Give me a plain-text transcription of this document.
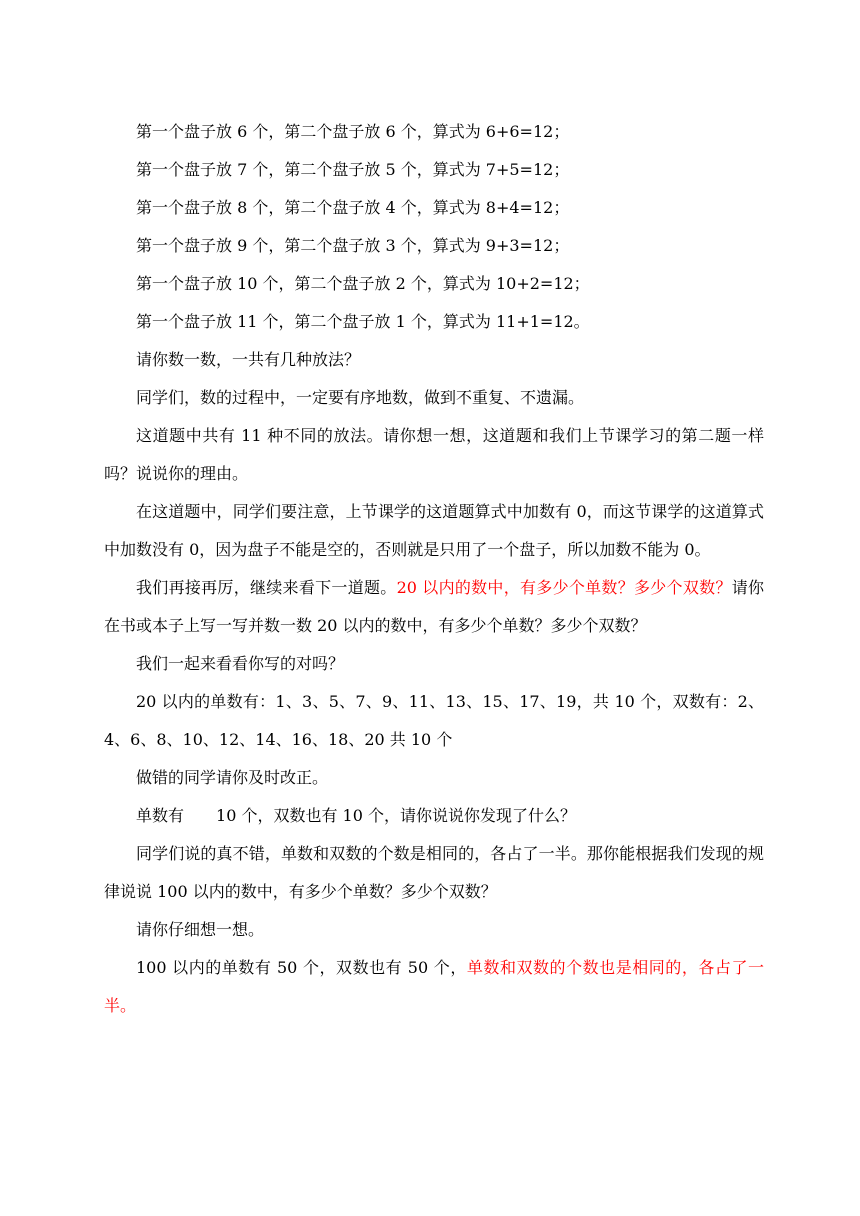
第一个盘子放 6 个，第二个盘子放 6 个，算式为 6+6=12；

第一个盘子放 7 个，第二个盘子放 5 个，算式为 7+5=12；

第一个盘子放 8 个，第二个盘子放 4 个，算式为 8+4=12；

第一个盘子放 9 个，第二个盘子放 3 个，算式为 9+3=12；

第一个盘子放 10 个，第二个盘子放 2 个，算式为 10+2=12；

第一个盘子放 11 个，第二个盘子放 1 个，算式为 11+1=12。

请你数一数，一共有几种放法？

同学们，数的过程中，一定要有序地数，做到不重复、不遗漏。

这道题中共有 11 种不同的放法。请你想一想，这道题和我们上节课学习的第二题一样吗？说说你的理由。

在这道题中，同学们要注意，上节课学的这道题算式中加数有 0，而这节课学的这道算式中加数没有 0，因为盘子不能是空的，否则就是只用了一个盘子，所以加数不能为 0。

我们再接再厉，继续来看下一道题。20 以内的数中，有多少个单数？多少个双数？请你在书或本子上写一写并数一数 20 以内的数中，有多少个单数？多少个双数？

我们一起来看看你写的对吗？

20 以内的单数有：1、3、5、7、9、11、13、15、17、19，共 10 个，双数有：2、4、6、8、10、12、14、16、18、20 共 10 个

做错的同学请你及时改正。

单数有 10 个，双数也有 10 个，请你说说你发现了什么？

同学们说的真不错，单数和双数的个数是相同的，各占了一半。那你能根据我们发现的规律说说 100 以内的数中，有多少个单数？多少个双数？

请你仔细想一想。

100 以内的单数有 50 个，双数也有 50 个，单数和双数的个数也是相同的，各占了一半。
